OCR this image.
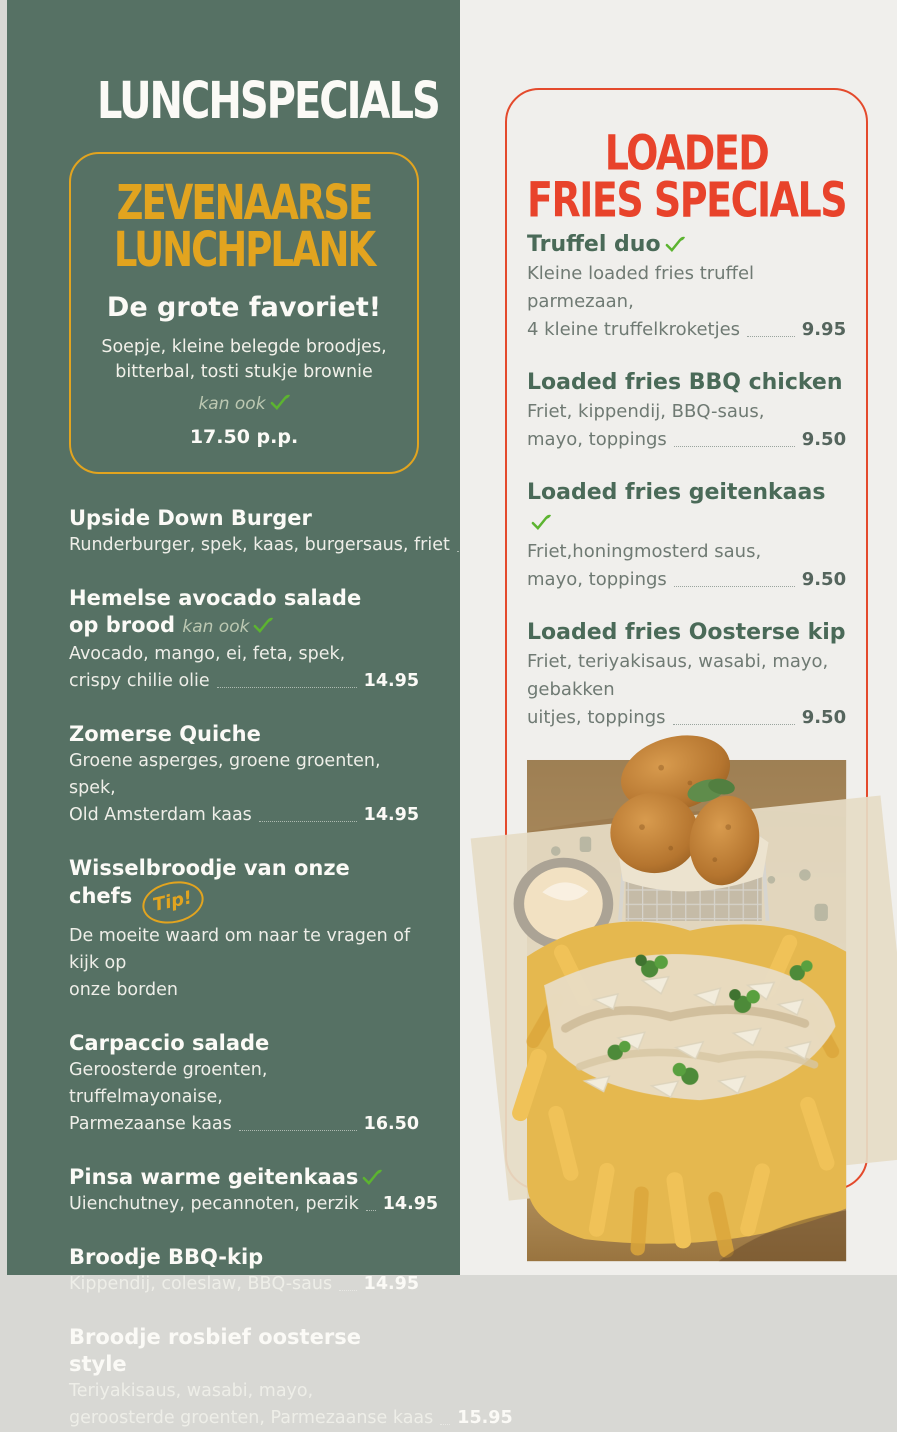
LUNCHSPECIALS
ZEVENAARSE
LUNCHPLANK
De grote favoriet!
Soepje, kleine belegde broodjes,
bitterbal, tosti stukje brownie
kan ook
17.50 p.p.
Upside Down Burger
Runderburger, spek, kaas, burgersaus, friet
Hemelse avocado salade
op brood kan ook
Avocado, mango, ei, feta, spek,
crispy chilie olie	14.95
Zomerse Quiche
Groene asperges, groene groenten, spek,
Old Amsterdam kaas	14.95
Wisselbroodje van onze chefs Tip!
De moeite waard om naar te vragen of kijk op
onze borden
Carpaccio salade
Geroosterde groenten, truffelmayonaise,
Parmezaanse kaas	16.50
Pinsa warme geitenkaas
Uienchutney, pecannoten, perzik 14.95
Broodje BBQ-kip
Kippendij, coleslaw, BBQ-saus 14.95
Broodje rosbief oosterse style
Teriyakisaus, wasabi, mayo,
geroosterde groenten, Parmezaanse kaas 15.95
LOADED
FRIES SPECIALS
Truffel duo
Kleine loaded fries truffel parmezaan,
4 kleine truffelkroketjes	9.95
Loaded fries BBQ chicken
Friet, kippendij, BBQ-saus,
mayo, toppings	9.50
Loaded fries geitenkaas
Friet,honingmosterd saus,
mayo, toppings	9.50
Loaded fries Oosterse kip
Friet, teriyakisaus, wasabi, mayo, gebakken
uitjes, toppings	9.50
